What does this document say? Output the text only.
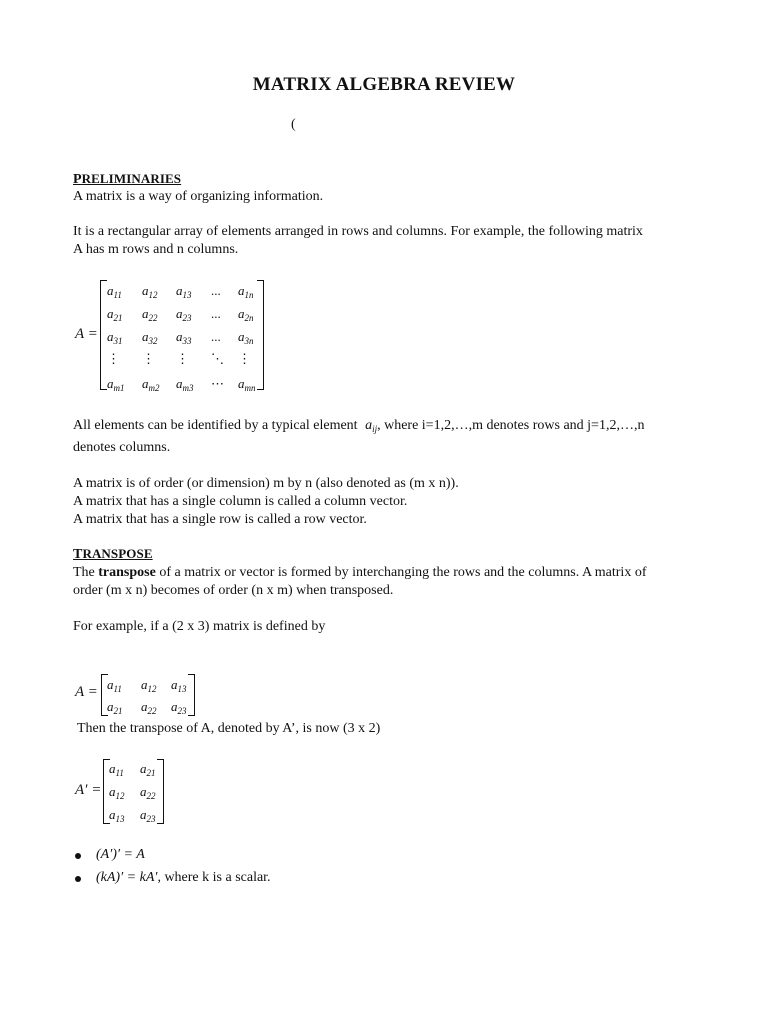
MATRIX ALGEBRA REVIEW
(
PRELIMINARIES
A matrix is a way of organizing information.
It is a rectangular array of elements arranged in rows and columns. For example, the following matrix
A has m rows and n columns.
A =
$a_{11}$ $a_{12}$ $a_{13}$ ... $a_{1n}$
$a_{21}$ $a_{22}$ $a_{23}$ ... $a_{2n}$
$a_{31}$ $a_{32}$ $a_{33}$ ... $a_{3n}$
⋮ ⋮ ⋮ ⋱ ⋮
$a_{m1}$ $a_{m2}$ $a_{m3}$ ⋯ $a_{mn}$
All elements can be identified by a typical element $a_{ij}$, where i=1,2,…,m denotes rows and j=1,2,…,n
denotes columns.
A matrix is of order (or dimension) m by n (also denoted as (m x n)).
A matrix that has a single column is called a column vector.
A matrix that has a single row is called a row vector.
TRANSPOSE
The transpose of a matrix or vector is formed by interchanging the rows and the columns. A matrix of
order (m x n) becomes of order (n x m) when transposed.
For example, if a (2 x 3) matrix is defined by
$A = a_{11}$ $a_{12}$ $a_{13}$
$a_{21}$ $a_{22}$ $a_{23}$
Then the transpose of A, denoted by A’, is now (3 x 2)
A′ =
$a_{11}$ $a_{21}$
$a_{12}$ $a_{22}$
$a_{13}$ $a_{23}$
(A′)′ = A
(kA)′ = kA′, where k is a scalar.
